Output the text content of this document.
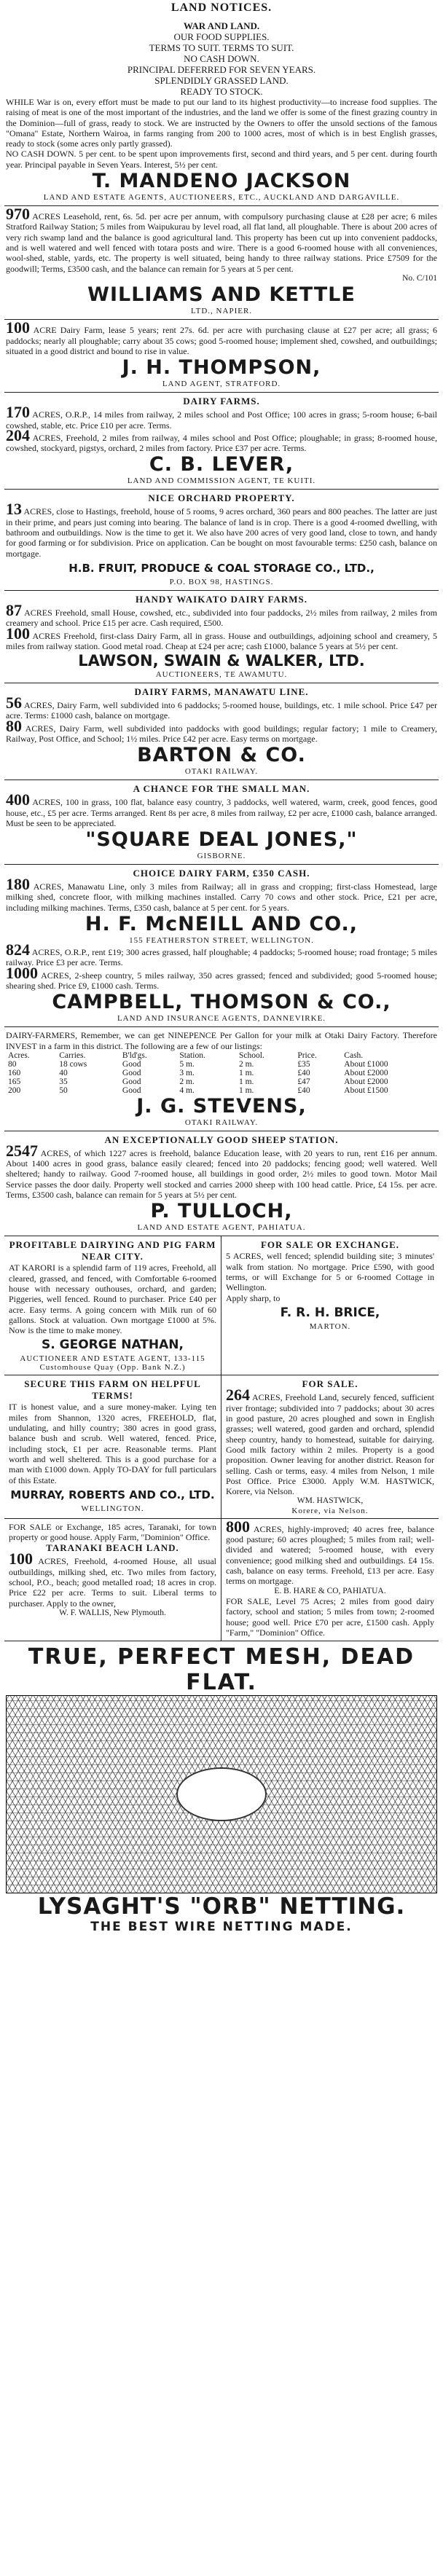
LAND NOTICES.
WAR AND LAND.
OUR FOOD SUPPLIES.
TERMS TO SUIT. TERMS TO SUIT.
NO CASH DOWN.
PRINCIPAL DEFERRED FOR SEVEN YEARS.
SPLENDIDLY GRASSED LAND.
READY TO STOCK.
WHILE War is on, every effort must be made to put our land to its highest productivity—to increase food supplies. The raising of meat is one of the most important of the industries, and the land we offer is some of the finest grazing country in the Dominion—full of grass, ready to stock. We are instructed by the Owners to offer the unsold sections of the famous "Omana" Estate, Northern Wairoa, in farms ranging from 200 to 1000 acres, most of which is in best English grasses, ready to stock (some acres only partly grassed).
NO CASH DOWN. 5 per cent. to be spent upon improvements first, second and third years, and 5 per cent. during fourth year. Principal payable in Seven Years. Interest, 5½ per cent.
T. MANDENO JACKSON
LAND AND ESTATE AGENTS, AUCTIONEERS, ETC., AUCKLAND AND DARGAVILLE.
970 ACRES Leasehold, rent, 6s. 5d. per acre per annum, with compulsory purchasing clause at £28 per acre; 6 miles Stratford Railway Station; 5 miles from Waipukurau by level road, all flat land, all ploughable. There is about 200 acres of very rich swamp land and the balance is good agricultural land. This property has been cut up into convenient paddocks, and is well watered and well fenced with totara posts and wire. There is a good 6-roomed house with all conveniences, wool-shed, stable, yards, etc. The property is well situated, being handy to three railway stations. Price £7509 for the goodwill; Terms, £3500 cash, and the balance can remain for 5 years at 5 per cent.
No. C/101
WILLIAMS AND KETTLE
LTD., NAPIER.
100 ACRE Dairy Farm, lease 5 years; rent 27s. 6d. per acre with purchasing clause at £27 per acre; all grass; 6 paddocks; nearly all ploughable; carry about 35 cows; good 5-roomed house; implement shed, cowshed, and outbuildings; situated in a good district and bound to rise in value.
J. H. THOMPSON,
LAND AGENT, STRATFORD.
DAIRY FARMS.
170 ACRES, O.R.P., 14 miles from railway, 2 miles school and Post Office; 100 acres in grass; 5-room house; 6-bail cowshed, stable, etc. Price £10 per acre. Terms.
204 ACRES, Freehold, 2 miles from railway, 4 miles school and Post Office; ploughable; in grass; 8-roomed house, cowshed, stockyard, pigstys, orchard, 2 miles from factory. Price £37 per acre. Terms.
C. B. LEVER,
LAND AND COMMISSION AGENT, TE KUITI.
NICE ORCHARD PROPERTY.
13 ACRES, close to Hastings, freehold, house of 5 rooms, 9 acres orchard, 360 pears and 800 peaches. The latter are just in their prime, and pears just coming into bearing. The balance of land is in crop. There is a good 4-roomed dwelling, with bathroom and outbuildings. Now is the time to get it. We also have 200 acres of very good land, close to town, and handy for good farming or for subdivision. Price on application. Can be bought on most favourable terms: £250 cash, balance on mortgage.
H.B. FRUIT, PRODUCE & COAL STORAGE CO., LTD.,
P.O. BOX 98, HASTINGS.
HANDY WAIKATO DAIRY FARMS.
87 ACRES Freehold, small House, cowshed, etc., subdivided into four paddocks, 2½ miles from railway, 2 miles from creamery and school. Price £15 per acre. Cash required, £500.
100 ACRES Freehold, first-class Dairy Farm, all in grass. House and outbuildings, adjoining school and creamery, 5 miles from railway station. Good metal road. Cheap at £24 per acre; cash £1000, balance 5 years at 5½ per cent.
LAWSON, SWAIN & WALKER, LTD.
AUCTIONEERS, TE AWAMUTU.
DAIRY FARMS, MANAWATU LINE.
56 ACRES, Dairy Farm, well subdivided into 6 paddocks; 5-roomed house, buildings, etc. 1 mile school. Price £47 per acre. Terms: £1000 cash, balance on mortgage.
80 ACRES, Dairy Farm, well subdivided into paddocks with good buildings; regular factory; 1 mile to Creamery, Railway, Post Office, and School; 1½ miles. Price £42 per acre. Easy terms on mortgage.
BARTON & CO.
OTAKI RAILWAY.
A CHANCE FOR THE SMALL MAN.
400 ACRES, 100 in grass, 100 flat, balance easy country, 3 paddocks, well watered, warm, creek, good fences, good house, etc., £5 per acre. Terms arranged. Rent 8s per acre, 8 miles from railway, £2 per acre, £1000 cash, balance arranged. Must be seen to be appreciated.
"SQUARE DEAL JONES,"
GISBORNE.
CHOICE DAIRY FARM, £350 CASH.
180 ACRES, Manawatu Line, only 3 miles from Railway; all in grass and cropping; first-class Homestead, large milking shed, concrete floor, with milking machines installed. Carry 70 cows and other stock. Price, £21 per acre, including milking machines. Terms, £350 cash, balance at 5 per cent. for 5 years.
H. F. McNEILL AND CO.,
155 FEATHERSTON STREET, WELLINGTON.
824 ACRES, O.R.P., rent £19; 300 acres grassed, half ploughable; 4 paddocks; 5-roomed house; road frontage; 5 miles railway. Price £3 per acre. Terms.
1000 ACRES, 2-sheep country, 5 miles railway, 350 acres grassed; fenced and subdivided; good 5-roomed house; shearing shed. Price £9, £1000 cash. Terms.
CAMPBELL, THOMSON & CO.,
LAND AND INSURANCE AGENTS, DANNEVIRKE.
DAIRY-FARMERS, Remember, we can get NINEPENCE Per Gallon for your milk at Otaki Dairy Factory. Therefore INVEST in a farm in this district. The following are a few of our listings:
Acres.	Carries.	B'ld'gs.	Station.	School.	Price.	Cash.
80	18 cows	Good	5 m.	2 m.	£35	About £1000
160	40	Good	3 m.	1 m.	£40	About £2000
165	35	Good	2 m.	1 m.	£47	About £2000
200	50	Good	4 m.	1 m.	£40	About £1500
J. G. STEVENS,
OTAKI RAILWAY.
AN EXCEPTIONALLY GOOD SHEEP STATION.
2547 ACRES, of which 1227 acres is freehold, balance Education lease, with 20 years to run, rent £16 per annum. About 1400 acres in good grass, balance easily cleared; fenced into 20 paddocks; fencing good; well watered. Well sheltered; handy to railway. Good 7-roomed house, all buildings in good order, 2½ miles to good town. Motor Mail Service passes the door daily. Property well stocked and carries 2000 sheep with 100 head cattle. Price, £4 15s. per acre. Terms, £3500 cash, balance can remain for 5 years at 5½ per cent.
P. TULLOCH,
LAND AND ESTATE AGENT, PAHIATUA.
PROFITABLE DAIRYING AND PIG FARM NEAR CITY.
AT KARORI is a splendid farm of 119 acres, Freehold, all cleared, grassed, and fenced, with Comfortable 6-roomed house with necessary outhouses, orchard, and garden; Piggeries, well fenced. Round to purchaser. Price £40 per acre. Easy terms. A going concern with Milk run of 60 gallons. Stock at valuation. Own mortgage £1000 at 5%. Now is the time to make money.
S. GEORGE NATHAN,
AUCTIONEER AND ESTATE AGENT, 133-115 Customhouse Quay (Opp. Bank N.Z.)
FOR SALE OR EXCHANGE.
5 ACRES, well fenced; splendid building site; 3 minutes' walk from station. No mortgage. Price £590, with good terms, or will Exchange for 5 or 6-roomed Cottage in Wellington.
Apply sharp, to
F. R. H. BRICE,
MARTON.
SECURE THIS FARM ON HELPFUL TERMS!
IT is honest value, and a sure money-maker. Lying ten miles from Shannon, 1320 acres, FREEHOLD, flat, undulating, and hilly country; 380 acres in good grass, balance bush and scrub. Well watered, fenced. Price, including stock, £1 per acre. Reasonable terms. Plant worth and well sheltered. This is a good purchase for a man with £1000 down. Apply TO-DAY for full particulars of this Estate.
MURRAY, ROBERTS AND CO., LTD.
WELLINGTON.
FOR SALE.
264 ACRES, Freehold Land, securely fenced, sufficient river frontage; subdivided into 7 paddocks; about 30 acres in good pasture, 20 acres ploughed and sown in English grasses; well watered, good garden and orchard, splendid sheep country, handy to homestead, suitable for dairying. Good milk factory within 2 miles. Property is a good proposition. Owner leaving for another district. Reason for selling. Cash or terms, easy. 4 miles from Nelson, 1 mile Post Office. Price £3000. Apply W.M. HASTWICK, Korere, via Nelson.
WM. HASTWICK,
Korere, via Nelson.
FOR SALE or Exchange, 185 acres, Taranaki, for town property or good house. Apply Farm, "Dominion" Office.
TARANAKI BEACH LAND.
100 ACRES, Freehold, 4-roomed House, all usual outbuildings, milking shed, etc. Two miles from factory, school, P.O., beach; good metalled road; 18 acres in crop. Price £22 per acre. Terms to suit. Liberal terms to purchaser. Apply to the owner,
W. F. WALLIS, New Plymouth.
800 ACRES, highly-improved; 40 acres free, balance good pasture; 60 acres ploughed; 5 miles from rail; well-divided and watered; 5-roomed house, with every convenience; good milking shed and outbuildings. £4 15s. cash, balance on easy terms. Freehold, £13 per acre. Easy terms on mortgage.
E. B. HARE & CO, PAHIATUA.
FOR SALE, Level 75 Acres; 2 miles from good dairy factory, school and station; 5 miles from town; 2-roomed house; good well. Price £70 per acre, £1500 cash. Apply "Farm," "Dominion" Office.
TRUE, PERFECT MESH, DEAD FLAT.
LYSAGHT'S "ORB" NETTING.
THE BEST WIRE NETTING MADE.
